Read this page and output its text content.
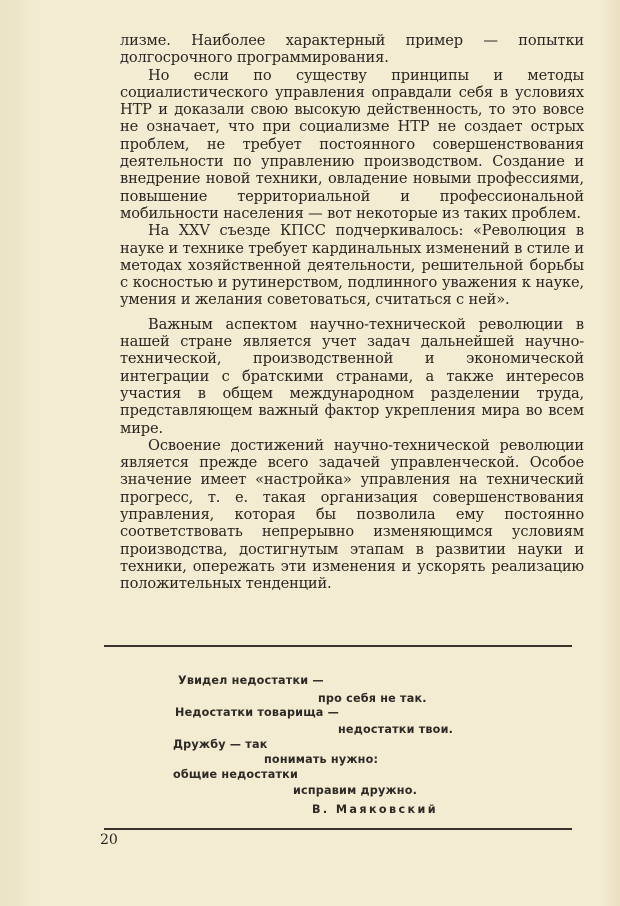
лизме. Наиболее характерный пример — попытки долгосрочного программирования.

Но если по существу принципы и методы социалистического управления оправдали себя в условиях НТР и доказали свою высокую действенность, то это вовсе не означает, что при социализме НТР не создает острых проблем, не требует постоянного совершенствования деятельности по управлению производством. Создание и внедрение новой техники, овладение новыми профессиями, повышение территориальной и профессиональной мобильности населения — вот некоторые из таких проблем.

На XXV съезде КПСС подчеркивалось: «Революция в науке и технике требует кардинальных изменений в стиле и методах хозяйственной деятельности, решительной борьбы с косностью и рутинерством, подлинного уважения к науке, умения и желания советоваться, считаться с ней».

Важным аспектом научно-технической революции в нашей стране является учет задач дальнейшей научно-технической, производственной и экономической интеграции с братскими странами, а также интересов участия в общем международном разделении труда, представляющем важный фактор укрепления мира во всем мире.

Освоение достижений научно-технической революции является прежде всего задачей управленческой. Особое значение имеет «настройка» управления на технический прогресс, т. е. такая организация совершенствования управления, которая бы позволила ему постоянно соответствовать непрерывно изменяющимся условиям производства, достигнутым этапам в развитии науки и техники, опережать эти изменения и ускорять реализацию положительных тенденций.

Увидел недостатки —
про себя не так.
Недостатки товарища —
недостатки твои.
Дружбу — так
понимать нужно:
общие недостатки
исправим дружно.
В. Маяковский
20
